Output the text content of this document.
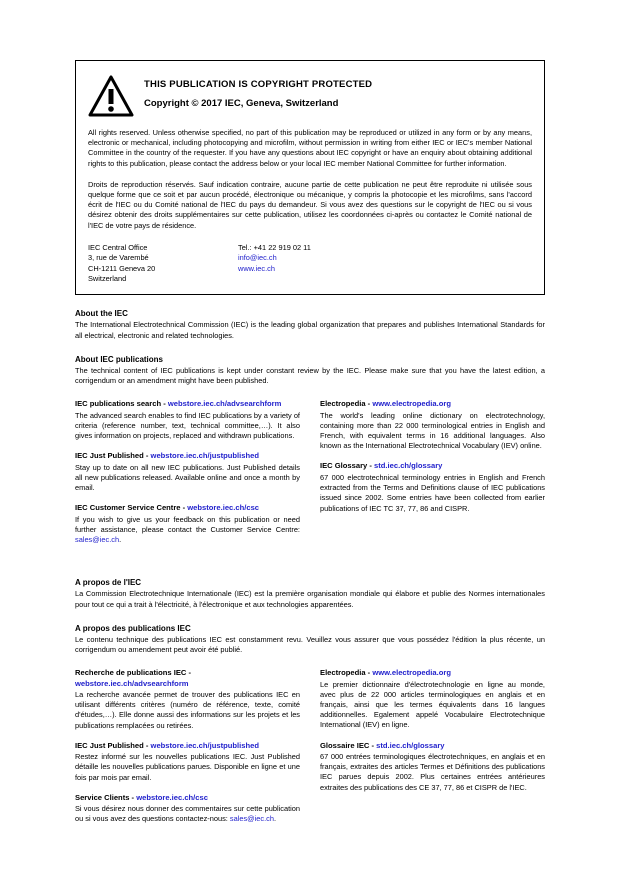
THIS PUBLICATION IS COPYRIGHT PROTECTED
Copyright © 2017 IEC, Geneva, Switzerland
All rights reserved. Unless otherwise specified, no part of this publication may be reproduced or utilized in any form or by any means, electronic or mechanical, including photocopying and microfilm, without permission in writing from either IEC or IEC's member National Committee in the country of the requester. If you have any questions about IEC copyright or have an enquiry about obtaining additional rights to this publication, please contact the address below or your local IEC member National Committee for further information.
Droits de reproduction réservés. Sauf indication contraire, aucune partie de cette publication ne peut être reproduite ni utilisée sous quelque forme que ce soit et par aucun procédé, électronique ou mécanique, y compris la photocopie et les microfilms, sans l'accord écrit de l'IEC ou du Comité national de l'IEC du pays du demandeur. Si vous avez des questions sur le copyright de l'IEC ou si vous désirez obtenir des droits supplémentaires sur cette publication, utilisez les coordonnées ci-après ou contactez le Comité national de l'IEC de votre pays de résidence.
IEC Central Office
3, rue de Varembé
CH-1211 Geneva 20
Switzerland
Tel.: +41 22 919 02 11
info@iec.ch
www.iec.ch
About the IEC
The International Electrotechnical Commission (IEC) is the leading global organization that prepares and publishes International Standards for all electrical, electronic and related technologies.
About IEC publications
The technical content of IEC publications is kept under constant review by the IEC. Please make sure that you have the latest edition, a corrigendum or an amendment might have been published.
IEC publications search - webstore.iec.ch/advsearchform
The advanced search enables to find IEC publications by a variety of criteria (reference number, text, technical committee,…). It also gives information on projects, replaced and withdrawn publications.
IEC Just Published - webstore.iec.ch/justpublished
Stay up to date on all new IEC publications. Just Published details all new publications released. Available online and once a month by email.
IEC Customer Service Centre - webstore.iec.ch/csc
If you wish to give us your feedback on this publication or need further assistance, please contact the Customer Service Centre: sales@iec.ch.
Electropedia - www.electropedia.org
The world's leading online dictionary on electrotechnology, containing more than 22 000 terminological entries in English and French, with equivalent terms in 16 additional languages. Also known as the International Electrotechnical Vocabulary (IEV) online.
IEC Glossary - std.iec.ch/glossary
67 000 electrotechnical terminology entries in English and French extracted from the Terms and Definitions clause of IEC publications issued since 2002. Some entries have been collected from earlier publications of IEC TC 37, 77, 86 and CISPR.
A propos de l'IEC
La Commission Electrotechnique Internationale (IEC) est la première organisation mondiale qui élabore et publie des Normes internationales pour tout ce qui a trait à l'électricité, à l'électronique et aux technologies apparentées.
A propos des publications IEC
Le contenu technique des publications IEC est constamment revu. Veuillez vous assurer que vous possédez l'édition la plus récente, un corrigendum ou amendement peut avoir été publié.
Recherche de publications IEC -
webstore.iec.ch/advsearchform
La recherche avancée permet de trouver des publications IEC en utilisant différents critères (numéro de référence, texte, comité d'études,…). Elle donne aussi des informations sur les projets et les publications remplacées ou retirées.
IEC Just Published - webstore.iec.ch/justpublished
Restez informé sur les nouvelles publications IEC. Just Published détaille les nouvelles publications parues. Disponible en ligne et une fois par mois par email.
Service Clients - webstore.iec.ch/csc
Si vous désirez nous donner des commentaires sur cette publication ou si vous avez des questions contactez-nous: sales@iec.ch.
Electropedia - www.electropedia.org
Le premier dictionnaire d'électrotechnologie en ligne au monde, avec plus de 22 000 articles terminologiques en anglais et en français, ainsi que les termes équivalents dans 16 langues additionnelles. Egalement appelé Vocabulaire Electrotechnique International (IEV) en ligne.
Glossaire IEC - std.iec.ch/glossary
67 000 entrées terminologiques électrotechniques, en anglais et en français, extraites des articles Termes et Définitions des publications IEC parues depuis 2002. Plus certaines entrées antérieures extraites des publications des CE 37, 77, 86 et CISPR de l'IEC.
